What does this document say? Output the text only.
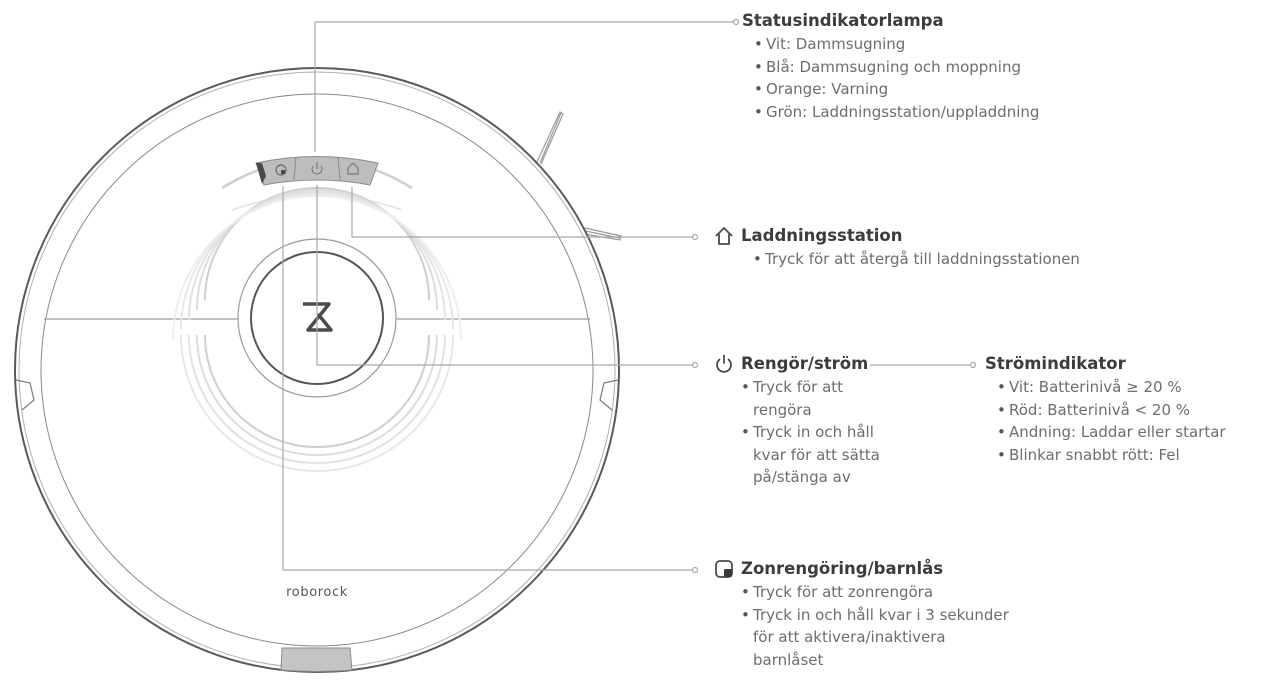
roborock
Statusindikatorlampa
• Vit: Dammsugning
• Blå: Dammsugning och moppning
• Orange: Varning
• Grön: Laddningsstation/uppladdning
Laddningsstation
• Tryck för att återgå till laddningsstationen
Rengör/ström
• Tryck för att rengöra
• Tryck in och håll kvar för att sätta på/stänga av
Strömindikator
• Vit: Batterinivå ≥ 20 %
• Röd: Batterinivå < 20 %
• Andning: Laddar eller startar
• Blinkar snabbt rött: Fel
Zonrengöring/barnlås
• Tryck för att zonrengöra
• Tryck in och håll kvar i 3 sekunder för att aktivera/inaktivera barnlåset
